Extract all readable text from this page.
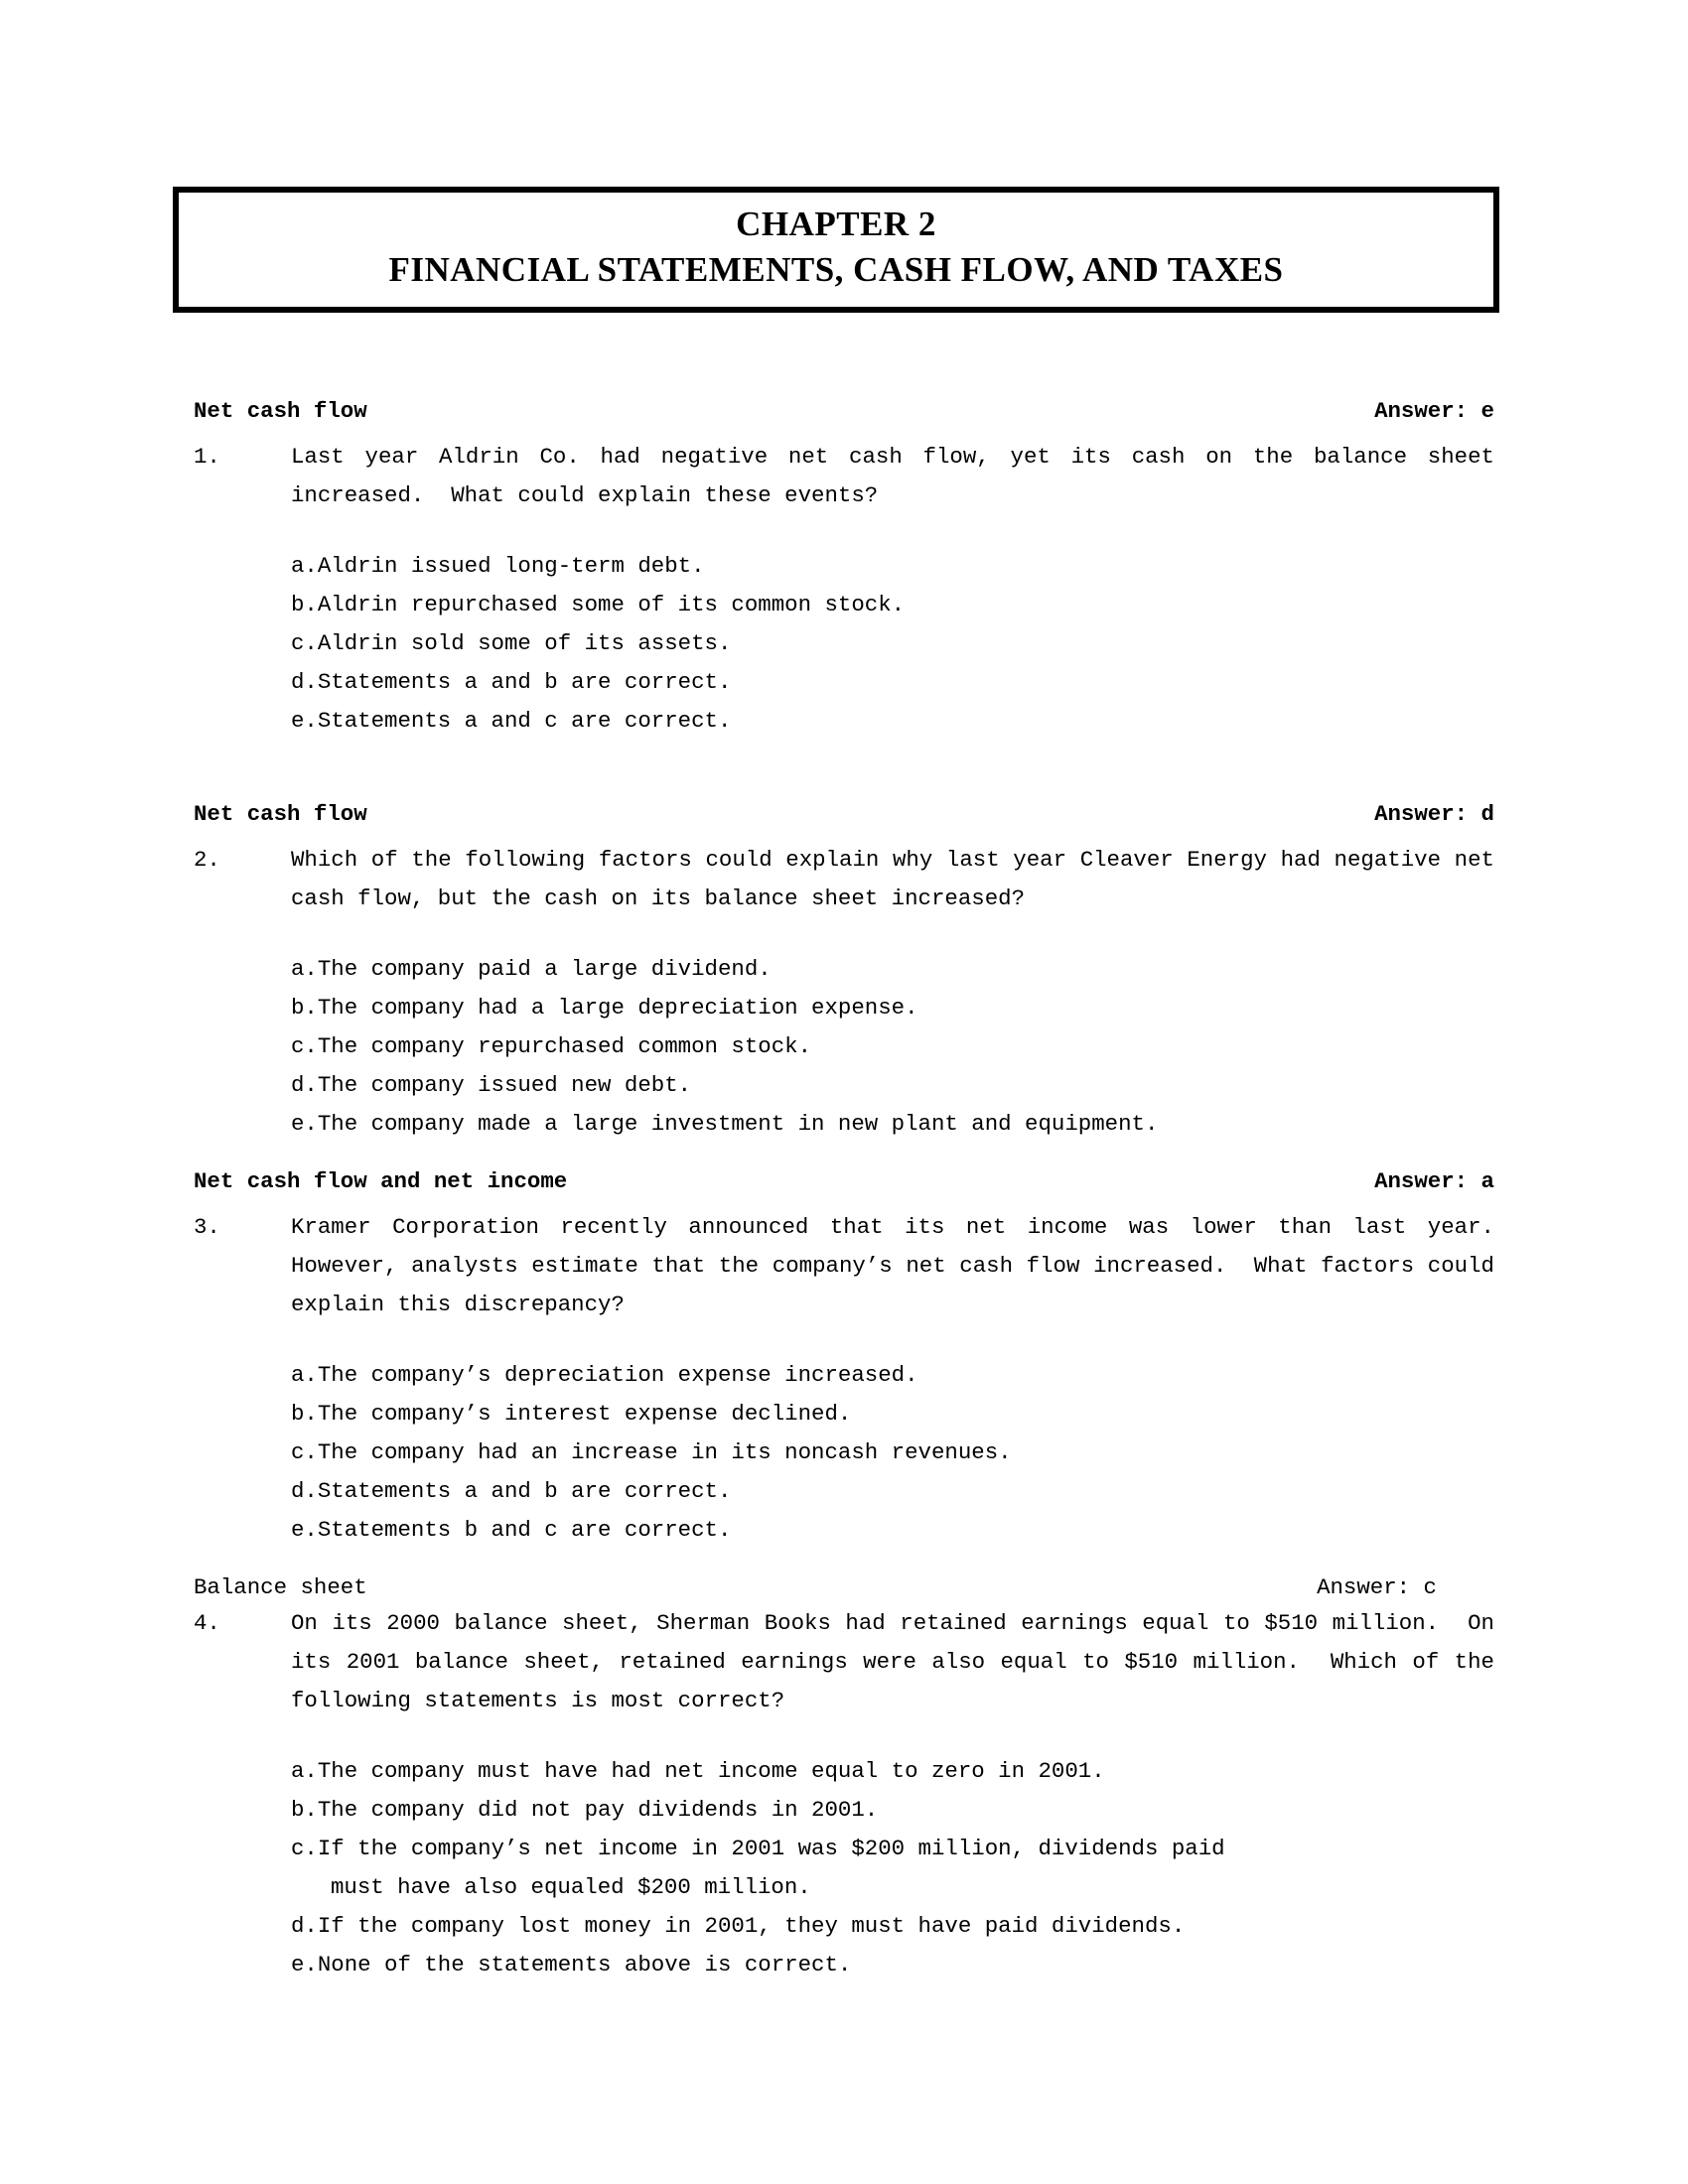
CHAPTER 2
FINANCIAL STATEMENTS, CASH FLOW, AND TAXES
Net cash flow	Answer: e
1.	Last year Aldrin Co. had negative net cash flow, yet its cash on the balance sheet increased.  What could explain these events?
a. Aldrin issued long-term debt.
b. Aldrin repurchased some of its common stock.
c. Aldrin sold some of its assets.
d. Statements a and b are correct.
e. Statements a and c are correct.
Net cash flow	Answer: d
2.	Which of the following factors could explain why last year Cleaver Energy had negative net cash flow, but the cash on its balance sheet increased?
a. The company paid a large dividend.
b. The company had a large depreciation expense.
c. The company repurchased common stock.
d. The company issued new debt.
e. The company made a large investment in new plant and equipment.
Net cash flow and net income	Answer: a
3.	Kramer Corporation recently announced that its net income was lower than last year.  However, analysts estimate that the company’s net cash flow increased.  What factors could explain this discrepancy?
a. The company’s depreciation expense increased.
b. The company’s interest expense declined.
c. The company had an increase in its noncash revenues.
d. Statements a and b are correct.
e. Statements b and c are correct.
Balance sheet	Answer: c
4.	On its 2000 balance sheet, Sherman Books had retained earnings equal to $510 million.  On its 2001 balance sheet, retained earnings were also equal to $510 million.  Which of the following statements is most correct?
a. The company must have had net income equal to zero in 2001.
b. The company did not pay dividends in 2001.
c. If the company’s net income in 2001 was $200 million, dividends paid
must have also equaled $200 million.
d. If the company lost money in 2001, they must have paid dividends.
e. None of the statements above is correct.
